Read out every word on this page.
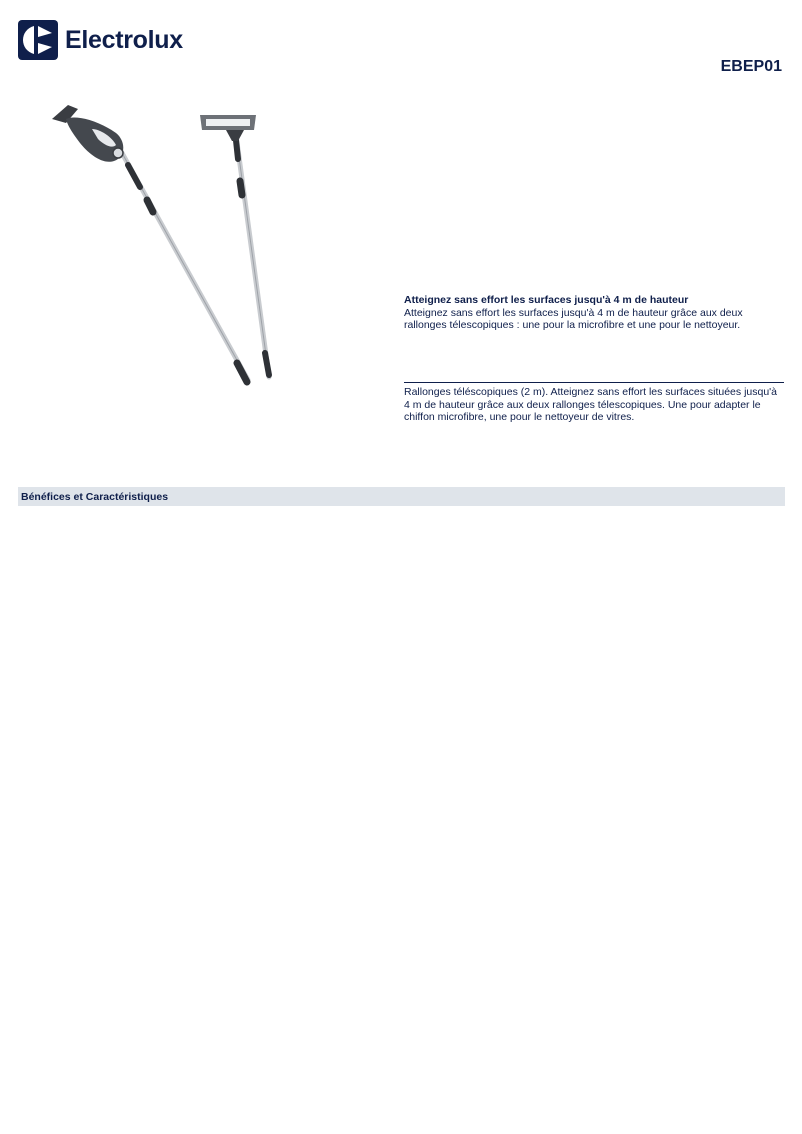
Electrolux
EBEP01
Atteignez sans effort les surfaces jusqu'à 4 m de hauteur
Atteignez sans effort les surfaces jusqu'à 4 m de hauteur grâce aux deux rallonges télescopiques : une pour la microfibre et une pour le nettoyeur.
Rallonges téléscopiques (2 m). Atteignez sans effort les surfaces situées jusqu'à 4 m de hauteur grâce aux deux rallonges télescopiques. Une pour adapter le chiffon microfibre, une pour le nettoyeur de vitres.
Bénéfices et Caractéristiques
